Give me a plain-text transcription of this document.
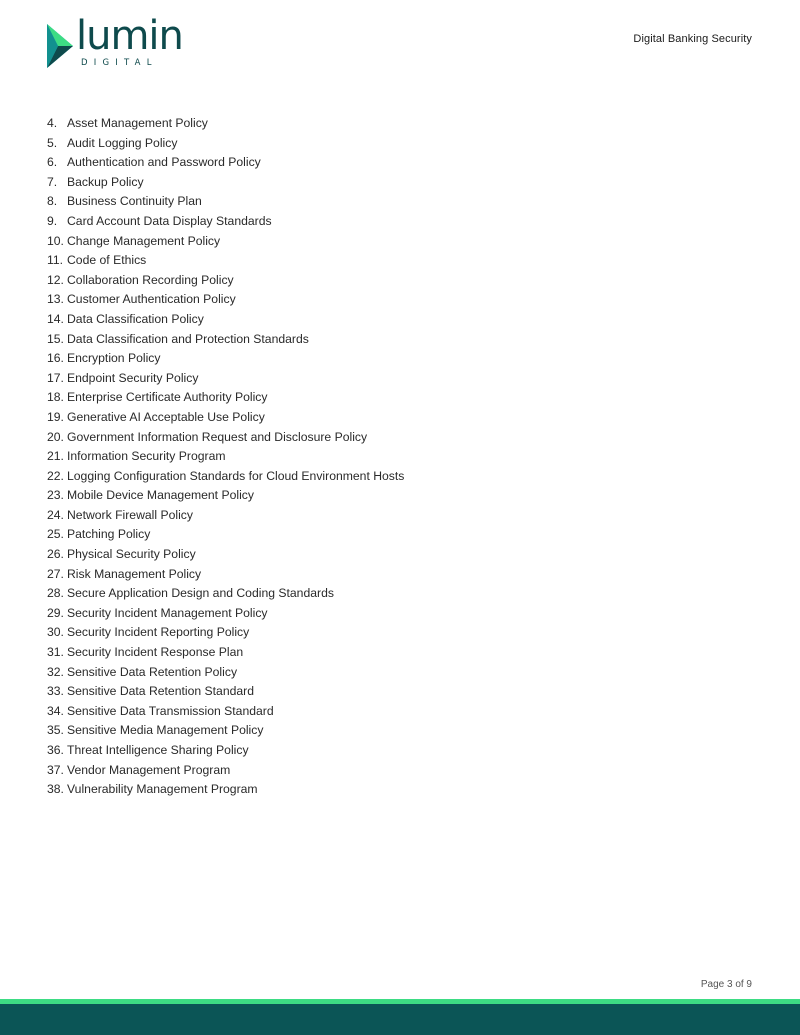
lumin
DIGITAL
Digital Banking Security
4. Asset Management Policy
5. Audit Logging Policy
6. Authentication and Password Policy
7. Backup Policy
8. Business Continuity Plan
9. Card Account Data Display Standards
10. Change Management Policy
11. Code of Ethics
12. Collaboration Recording Policy
13. Customer Authentication Policy
14. Data Classification Policy
15. Data Classification and Protection Standards
16. Encryption Policy
17. Endpoint Security Policy
18. Enterprise Certificate Authority Policy
19. Generative AI Acceptable Use Policy
20. Government Information Request and Disclosure Policy
21. Information Security Program
22. Logging Configuration Standards for Cloud Environment Hosts
23. Mobile Device Management Policy
24. Network Firewall Policy
25. Patching Policy
26. Physical Security Policy
27. Risk Management Policy
28. Secure Application Design and Coding Standards
29. Security Incident Management Policy
30. Security Incident Reporting Policy
31. Security Incident Response Plan
32. Sensitive Data Retention Policy
33. Sensitive Data Retention Standard
34. Sensitive Data Transmission Standard
35. Sensitive Media Management Policy
36. Threat Intelligence Sharing Policy
37. Vendor Management Program
38. Vulnerability Management Program
Page 3 of 9
